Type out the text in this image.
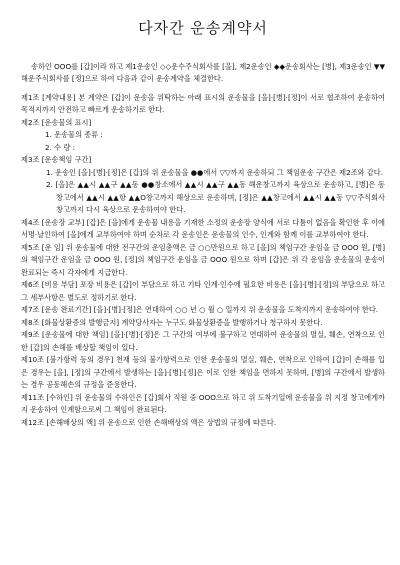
다자간 운송계약서

송하인 OOO를 [갑]이라 하고 제1운송인 ◇◇운수주식회사를 [을], 제2운송인 ◆◆운송회사는 [병], 제3운송인 ▼▼해운주식회사를 [정]으로 하여 다음과 같이 운송계약을 체결한다.

제1조 [계약내용] 본 계약은 [갑]이 운송을 위탁하는 아래 표시의 운송물을 [을]·[병]·[정]이 서로 협조하여 운송하여 목적지까지 안전하고 빠르게 운송하기로 한다.

제2조 [운송물의 표시]

1. 운송물의 종류 :

2. 수 량 :

제3조 [운송책임 구간]

1. 운송인 [을]·[병]·[정]은 [갑]의 위 운송물을 ●●에서 ▽▽까지 운송하되 그 책임운송 구간은 제2조와 같다.

2. [을]은 ▲▲시 ▲▲구 ▲▲동 ●●창소에서 ▲▲시 ▲▲구 ▲▲동 해운창고까지 육상으로 운송하고, [병]은 동 창고에서 ▲▲시 ▲▲항 ▲▲O창고까지 해상으로 운송하며, [정]은 ▲▲창고에서 ▲▲시 ▲▲동 ▽▽주식회사 창고까지 다시 육상으로 운송하여야 한다.

제4조 [운송장 교부] [갑]은 [을]에게 운송물 내용을 기재한 소정의 운송장 양식에 서로 다툼이 없음을 확인한 후 이에 서명·날인하여 [을]에게 교부하여야 하며 순차로 각 운송인은 운송물의 인수, 인계와 함께 이를 교부하여야 한다.

제5조 [운 임] 위 운송물에 대한 전구간의 운임총액은 금 ○○만원으로 하고 [을]의 책임구간 운임을 금 OOO 원, [병]의 책임구간 운임을 금 OOO 원, [정]의 책임구간 운임을 금 OOO 원으로 하며 [갑]은 위 각 운임을 운송물의 운송이 완료되는 즉시 각자에게 지급한다.

제6조 [비용 부담] 포장 비용은 [갑]이 부담으로 하고 기타 인계·인수에 필요한 비용은 [을]·[병]·[정]의 부담으로 하고 그 세부사항은 별도로 정하기로 한다.

제7조 [운송 완료기간] [을]·[병]·[정]은 연대하여 ○○ 년 ○ 월 ○ 일까지 위 운송물을 도착지까지 운송하여야 한다.

제8조 [화물상환증의 발행금지] 계약당사자는 누구도 화물상환증을 발행하거나 청구하지 못한다.

제9조 [운송물에 대한 책임] [을]·[병]·[정]은 그 구간의 여부에 불구하고 연대하여 운송물의 멸실, 훼손, 연착으로 인한 [갑]의 손해를 배상할 책임이 있다.

제10조 [불가항력 등의 경우] 천재 등의 불가항력으로 인한 운송물의 멸실, 훼손, 연착으로 인하여 [갑]이 손해를 입은 경우는 [을], [정]의 구간에서 발생하는 [을]·[병]·[정]은 이로 인한 책임을 면하지 못하며, [병]의 구간에서 발생하는 경우 공동해손의 규정을 준용한다.

제11조 [수하인] 위 운송물의 수하인은 [갑]회사 직원 중 OOO으로 하고 위 도착기일에 운송물을 위 지정 창고에게까지 운송하여 인계함으로써 그 책임이 완료된다.

제12조 [손해배상의 액] 위 운송으로 인한 손해배상의 액은 상법의 규정에 따른다.
